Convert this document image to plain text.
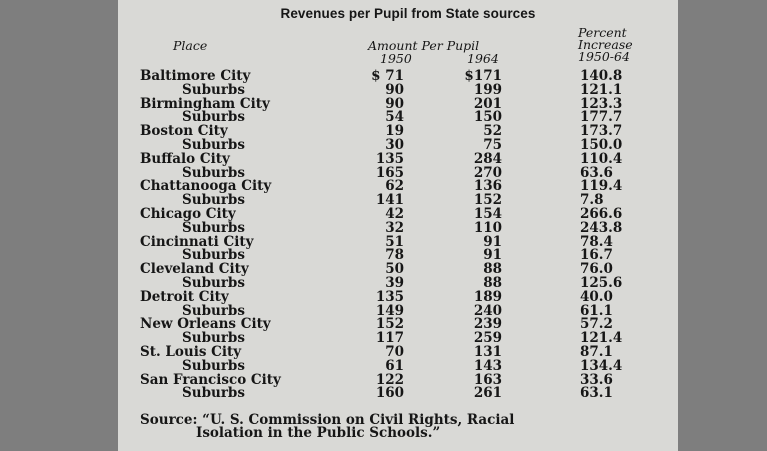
Revenues per Pupil from State sources
Place	Amount Per Pupil
1950	1964
Percent
Increase
1950-64
Baltimore City	$ 71	$171	140.8
Suburbs	90	199	121.1
Birmingham City	90	201	123.3
Suburbs	54	150	177.7
Boston City	19	52	173.7
Suburbs	30	75	150.0
Buffalo City	135	284	110.4
Suburbs	165	270	63.6
Chattanooga City	62	136	119.4
Suburbs	141	152	7.8
Chicago City	42	154	266.6
Suburbs	32	110	243.8
Cincinnati City	51	91	78.4
Suburbs	78	91	16.7
Cleveland City	50	88	76.0
Suburbs	39	88	125.6
Detroit City	135	189	40.0
Suburbs	149	240	61.1
New Orleans City	152	239	57.2
Suburbs	117	259	121.4
St. Louis City	70	131	87.1
Suburbs	61	143	134.4
San Francisco City	122	163	33.6
Suburbs	160	261	63.1
Source: “U. S. Commission on Civil Rights, Racial
Isolation in the Public Schools.”
